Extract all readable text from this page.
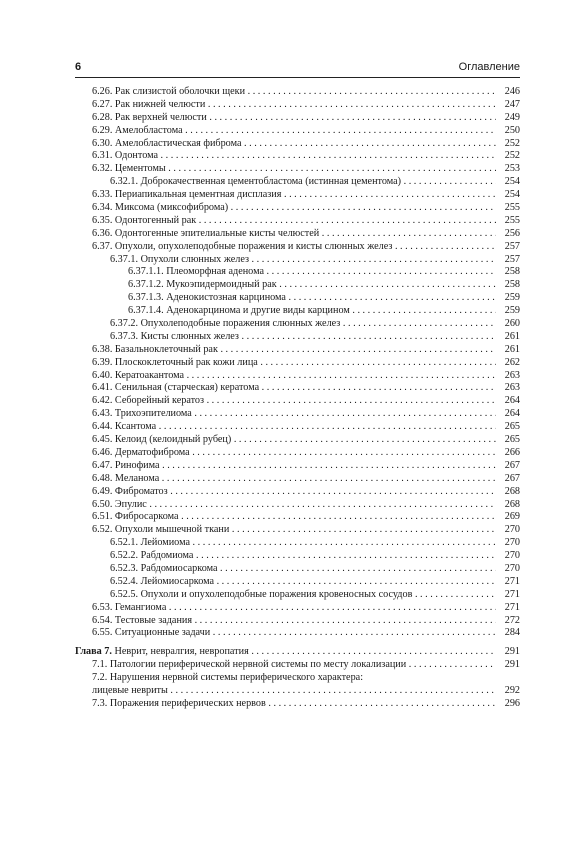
6	Оглавление
6.26. Рак слизистой оболочки щеки . . .	246
6.27. Рак нижней челюсти . . .	247
6.28. Рак верхней челюсти . . .	249
6.29. Амелобластома . . .	250
6.30. Амелобластическая фиброма . . .	252
6.31. Одонтома . . .	252
6.32. Цементомы . . .	253
6.32.1. Доброкачественная цементобластома (истинная цементома) . . .	254
6.33. Периапикальная цементная дисплазия . . .	254
6.34. Миксома (миксофиброма) . . .	255
6.35. Одонтогенный рак . . .	255
6.36. Одонтогенные эпителиальные кисты челюстей . . .	256
6.37. Опухоли, опухолеподобные поражения и кисты слюнных желез . . .	257
6.37.1. Опухоли слюнных желез . . .	257
6.37.1.1. Плеоморфная аденома . . .	258
6.37.1.2. Мукоэпидермоидный рак . . .	258
6.37.1.3. Аденокистозная карцинома . . .	259
6.37.1.4. Аденокарцинома и другие виды карцином . . .	259
6.37.2. Опухолеподобные поражения слюнных желез . . .	260
6.37.3. Кисты слюнных желез . . .	261
6.38. Базальноклеточный рак . . .	261
6.39. Плоскоклеточный рак кожи лица . . .	262
6.40. Кератоакантома . . .	263
6.41. Сенильная (старческая) кератома . . .	263
6.42. Себорейный кератоз . . .	264
6.43. Трихоэпителиома . . .	264
6.44. Ксантома . . .	265
6.45. Келоид (келоидный рубец) . . .	265
6.46. Дерматофиброма . . .	266
6.47. Ринофима . . .	267
6.48. Меланома . . .	267
6.49. Фиброматоз . . .	268
6.50. Эпулис . . .	268
6.51. Фибросаркома . . .	269
6.52. Опухоли мышечной ткани . . .	270
6.52.1. Лейомиома . . .	270
6.52.2. Рабдомиома . . .	270
6.52.3. Рабдомиосаркома . . .	270
6.52.4. Лейомиосаркома . . .	271
6.52.5. Опухоли и опухолеподобные поражения кровеносных сосудов . . .	271
6.53. Гемангиома . . .	271
6.54. Тестовые задания . . .	272
6.55. Ситуационные задачи . . .	284
Глава 7. Неврит, невралгия, невропатия . . .	291
7.1. Патологии периферической нервной системы по месту локализации . . .	291
7.2. Нарушения нервной системы периферического характера:
лицевые невриты . . .	292
7.3. Поражения периферических нервов . . .	296
